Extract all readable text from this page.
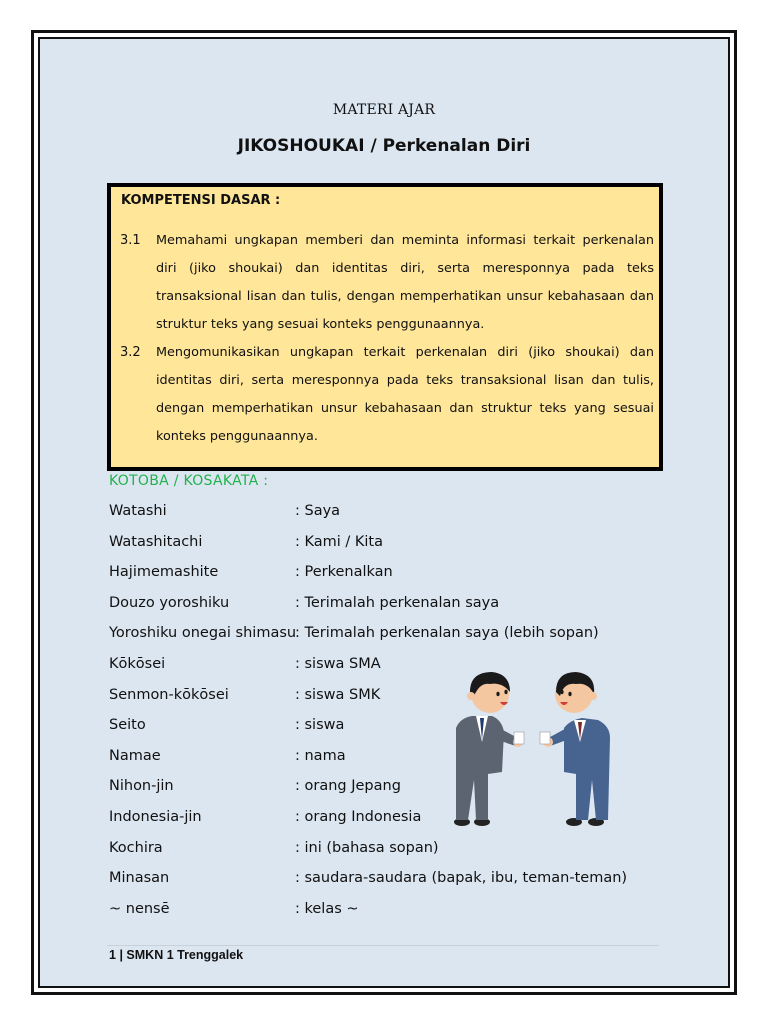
MATERI AJAR
JIKOSHOUKAI / Perkenalan Diri
KOMPETENSI DASAR :
3.1 Memahami ungkapan memberi dan meminta informasi terkait perkenalan diri (jiko shoukai) dan identitas diri, serta meresponnya pada teks transaksional lisan dan tulis, dengan memperhatikan unsur kebahasaan dan struktur teks yang sesuai konteks penggunaannya.
3.2 Mengomunikasikan ungkapan terkait perkenalan diri (jiko shoukai) dan identitas diri, serta meresponnya pada teks transaksional lisan dan tulis, dengan memperhatikan unsur kebahasaan dan struktur teks yang sesuai konteks penggunaannya.
KOTOBA / KOSAKATA :
Watashi	: Saya
Watashitachi	: Kami / Kita
Hajimemashite	: Perkenalkan
Douzo yoroshiku	: Terimalah perkenalan saya
Yoroshiku onegai shimasu
: Terimalah perkenalan saya (lebih sopan)
Kōkōsei	: siswa SMA
Senmon-kōkōsei	: siswa SMK
Seito	: siswa
Namae	: nama
Nihon-jin	: orang Jepang
Indonesia-jin	: orang Indonesia
Kochira	: ini (bahasa sopan)
Minasan	: saudara-saudara (bapak, ibu, teman-teman)
~ nensē	: kelas ~
1 | SMKN 1 Trenggalek
